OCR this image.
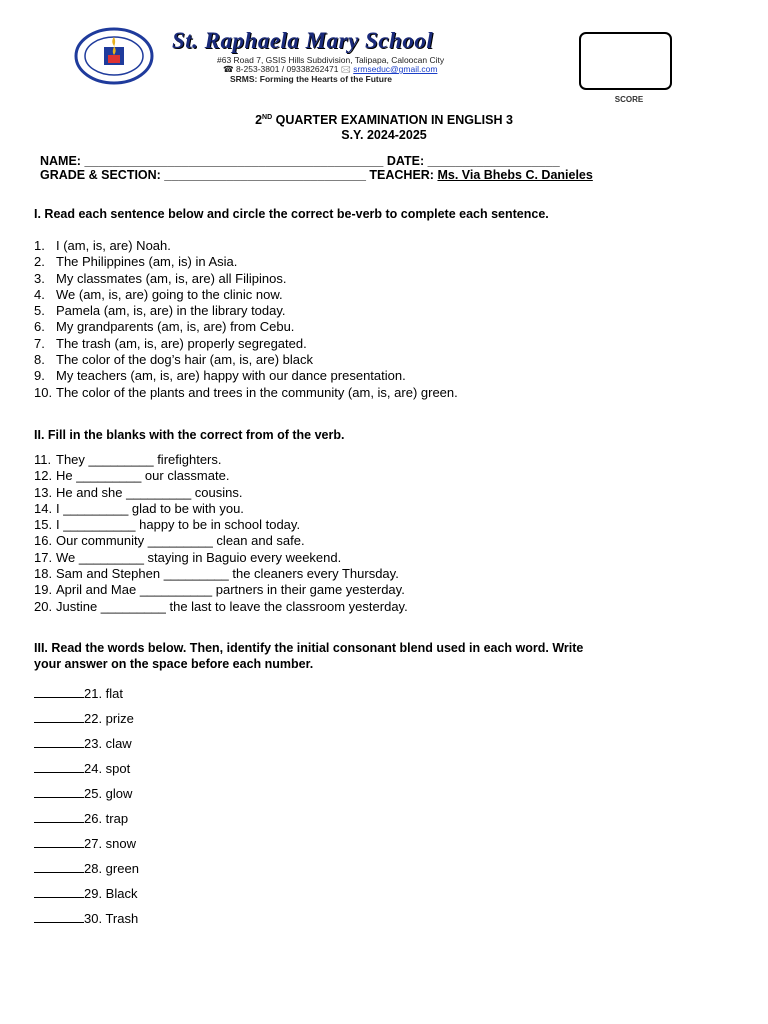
St. Raphaela Mary School
#63 Road 7, GSIS Hills Subdivision, Talipapa, Caloocan City
☎ 8-253-3801 / 09338262471 🖂 srmseduc@gmail.com
SRMS: Forming the Hearts of the Future
SCORE
2ND QUARTER EXAMINATION IN ENGLISH 3
S.Y. 2024-2025
NAME: ___________________________________________ DATE: ___________________
GRADE & SECTION: _____________________________ TEACHER: Ms. Via Bhebs C. Danieles
I. Read each sentence below and circle the correct be-verb to complete each sentence.
1. I (am, is, are) Noah.
2. The Philippines (am, is) in Asia.
3. My classmates (am, is, are) all Filipinos.
4. We (am, is, are) going to the clinic now.
5. Pamela (am, is, are) in the library today.
6. My grandparents (am, is, are) from Cebu.
7. The trash (am, is, are) properly segregated.
8. The color of the dog’s hair (am, is, are) black
9. My teachers (am, is, are) happy with our dance presentation.
10. The color of the plants and trees in the community (am, is, are) green.
II. Fill in the blanks with the correct from of the verb.
11. They _________ firefighters.
12. He _________ our classmate.
13. He and she _________ cousins.
14. I _________ glad to be with you.
15. I __________ happy to be in school today.
16. Our community _________ clean and safe.
17. We _________ staying in Baguio every weekend.
18. Sam and Stephen _________ the cleaners every Thursday.
19. April and Mae __________ partners in their game yesterday.
20. Justine _________ the last to leave the classroom yesterday.
III. Read the words below. Then, identify the initial consonant blend used in each word. Write
your answer on the space before each number.
21. flat
22. prize
23. claw
24. spot
25. glow
26. trap
27. snow
28. green
29. Black
30. Trash
